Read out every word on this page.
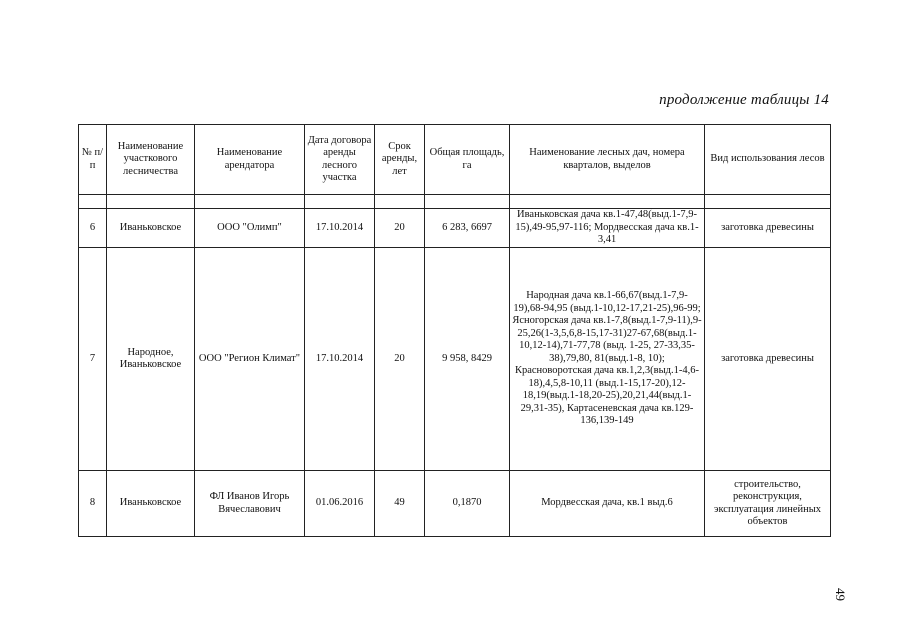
продолжение таблицы 14
№ п/п	Наименование участкового лесничества	Наименование арендатора	Дата договора аренды лесного участка	Срок аренды, лет	Общая площадь, га	Наименование лесных дач, номера кварталов, выделов	Вид использования лесов

6	Иваньковское	ООО "Олимп"	17.10.2014	20	6 283, 6697	Иваньковская дача кв.1-47,48(выд.1-7,9-15),49-95,97-116; Мордвесская дача кв.1-3,41	заготовка древесины
7	Народное, Иваньковское	ООО "Регион Климат"	17.10.2014	20	9 958, 8429	Народная дача кв.1-66,67(выд.1-7,9-19),68-94,95 (выд.1-10,12-17,21-25),96-99; Ясногорская дача кв.1-7,8(выд.1-7,9-11),9-25,26(1-3,5,6,8-15,17-31)27-67,68(выд.1-10,12-14),71-77,78 (выд. 1-25, 27-33,35-38),79,80, 81(выд.1-8, 10); Красноворотская дача кв.1,2,3(выд.1-4,6-18),4,5,8-10,11 (выд.1-15,17-20),12-18,19(выд.1-18,20-25),20,21,44(выд.1-29,31-35), Картасеневская дача кв.129-136,139-149	заготовка древесины
8	Иваньковское	ФЛ Иванов Игорь Вячеславович	01.06.2016	49	0,1870	Мордвесская дача, кв.1 выд.6	строительство, реконструкция, эксплуатация линейных объектов
49
